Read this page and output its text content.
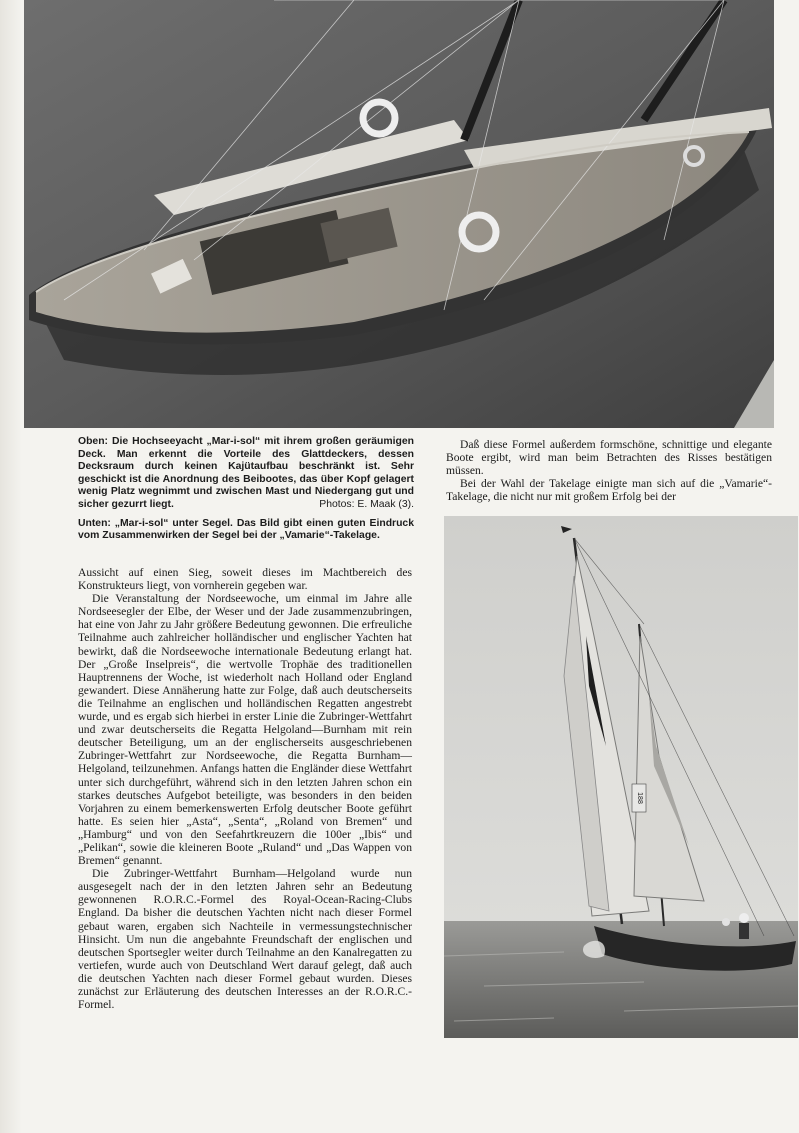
Oben: Die Hochseeyacht „Mar-i-sol“ mit ihrem großen geräumigen Deck. Man erkennt die Vorteile des Glattdeckers, dessen Decksraum durch keinen Kajütaufbau beschränkt ist. Sehr geschickt ist die Anordnung des Beibootes, das über Kopf gelagert wenig Platz wegnimmt und zwischen Mast und Niedergang gut und sicher gezurrt liegt.	Photos: E. Maak (3).

Unten: „Mar-i-sol“ unter Segel. Das Bild gibt einen guten Eindruck vom Zusammenwirken der Segel bei der „Vamarie“-Takelage.

Daß diese Formel außerdem formschöne, schnittige und elegante Boote ergibt, wird man beim Betrachten des Risses bestätigen müssen.

Bei der Wahl der Takelage einigte man sich auf die „Vamarie“-Takelage, die nicht nur mit großem Erfolg bei der

Aussicht auf einen Sieg, soweit dieses im Machtbereich des Konstrukteurs liegt, von vornherein gegeben war.

Die Veranstaltung der Nordseewoche, um einmal im Jahre alle Nordseesegler der Elbe, der Weser und der Jade zusammenzubringen, hat eine von Jahr zu Jahr größere Bedeutung gewonnen. Die erfreuliche Teilnahme auch zahlreicher holländischer und englischer Yachten hat bewirkt, daß die Nordseewoche internationale Bedeutung erlangt hat. Der „Große Inselpreis“, die wertvolle Trophäe des traditionellen Hauptrennens der Woche, ist wiederholt nach Holland oder England gewandert. Diese Annäherung hatte zur Folge, daß auch deutscherseits die Teilnahme an englischen und holländischen Regatten angestrebt wurde, und es ergab sich hierbei in erster Linie die Zubringer-Wettfahrt und zwar deutscherseits die Regatta Helgoland—Burnham mit rein deutscher Beteiligung, um an der englischerseits ausgeschriebenen Zubringer-Wettfahrt zur Nordseewoche, die Regatta Burnham—Helgoland, teilzunehmen. Anfangs hatten die Engländer diese Wettfahrt unter sich durchgeführt, während sich in den letzten Jahren schon ein starkes deutsches Aufgebot beteiligte, was besonders in den beiden Vorjahren zu einem bemerkenswerten Erfolg deutscher Boote geführt hatte. Es seien hier „Asta“, „Senta“, „Roland von Bremen“ und „Hamburg“ und von den Seefahrtkreuzern die 100er „Ibis“ und „Pelikan“, sowie die kleineren Boote „Ruland“ und „Das Wappen von Bremen“ genannt.

Die Zubringer-Wettfahrt Burnham—Helgoland wurde nun ausgesegelt nach der in den letzten Jahren sehr an Bedeutung gewonnenen R.O.R.C.-Formel des Royal-Ocean-Racing-Clubs England. Da bisher die deutschen Yachten nicht nach dieser Formel gebaut waren, ergaben sich Nachteile in vermessungstechnischer Hinsicht. Um nun die angebahnte Freundschaft der englischen und deutschen Sportsegler weiter durch Teilnahme an den Kanalregatten zu vertiefen, wurde auch von Deutschland Wert darauf gelegt, daß auch die deutschen Yachten nach dieser Formel gebaut wurden. Dieses zunächst zur Erläuterung des deutschen Interesses an der R.O.R.C.-Formel.

188
